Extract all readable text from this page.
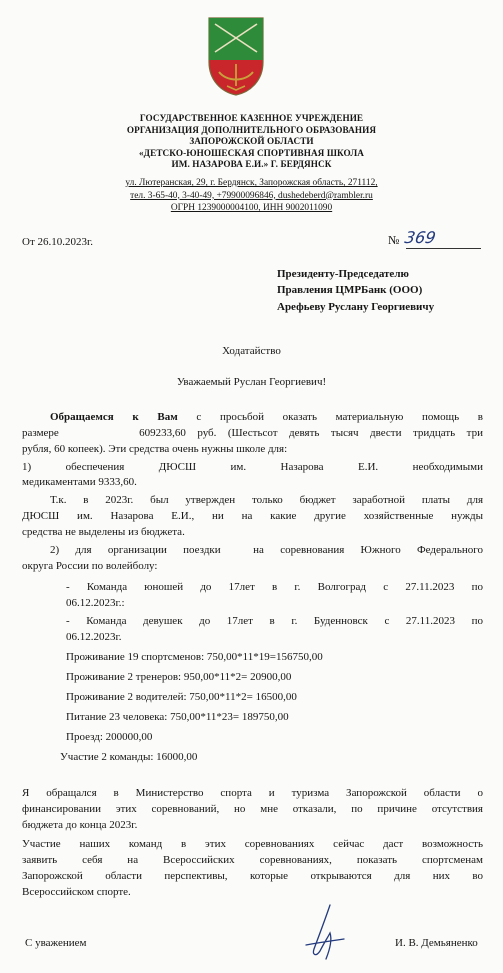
ГОСУДАРСТВЕННОЕ КАЗЕННОЕ УЧРЕЖДЕНИЕ
ОРГАНИЗАЦИЯ ДОПОЛНИТЕЛЬНОГО ОБРАЗОВАНИЯ
ЗАПОРОЖСКОЙ ОБЛАСТИ
«ДЕТСКО-ЮНОШЕСКАЯ СПОРТИВНАЯ ШКОЛА
ИМ. НАЗАРОВА Е.И.» Г. БЕРДЯНСК
ул. Лютеранская, 29, г. Бердянск, Запорожская область, 271112,
тел. 3-65-40, 3-40-49, +79900096846, dushedeberd@rambler.ru
ОГРН 1239000004100, ИНН 9002011090
От 26.10.2023г.	№ 369
Президенту-Председателю
Правления ЦМРБанк (ООО)
Арефьеву Руслану Георгиевичу
Ходатайство
Уважаемый Руслан Георгиевич!
Обращаемся к Вам с просьбой оказать материальную помощь в
размере       609233,60 руб. (Шестьсот девять тысяч двести тридцать три
рубля, 60 копеек). Эти средства очень нужны школе для:
1)   обеспечения   ДЮСШ   им.   Назарова   Е.И.   необходимыми
медикаментами 9333,60.
Т.к. в 2023г. был утвержден только бюджет заработной платы для
ДЮСШ им. Назарова Е.И., ни на какие другие хозяйственные нужды
средства не выделены из бюджета.
2) для организации поездки  на соревнования Южного Федерального
округа России по волейболу:
- Команда юношей до 17лет в г. Волгоград с 27.11.2023 по
06.12.2023г.:
- Команда девушек до 17лет в г. Буденновск с 27.11.2023 по
06.12.2023г.
Проживание 19 спортсменов: 750,00*11*19=156750,00
Проживание 2 тренеров: 950,00*11*2= 20900,00
Проживание 2 водителей: 750,00*11*2= 16500,00
Питание 23 человека: 750,00*11*23= 189750,00
Проезд: 200000,00
Участие 2 команды: 16000,00
Я обращался в Министерство спорта и туризма Запорожской области о
финансировании этих соревнований, но мне отказали, по причине отсутствия
бюджета до конца 2023г.
Участие наших команд в этих соревнованиях сейчас даст возможность
заявить себя на Всероссийских соревнованиях, показать спортсменам
Запорожской области перспективы, которые открываются для них во
Всероссийском спорте.
С уважением	И. В. Демьяненко
